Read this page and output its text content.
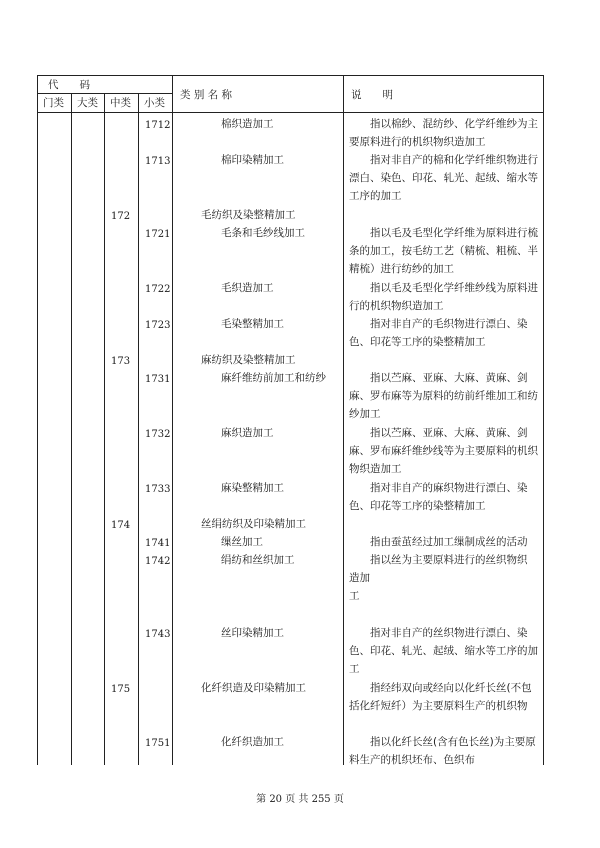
代　　码
门类 大类 中类 小类
类 别 名 称	说　　明
1712	棉织造加工	指以棉纱、混纺纱、化学纤维纱为主要原料进行的机织物织造加工
1713	棉印染精加工	指对非自产的棉和化学纤维织物进行漂白、染色、印花、轧光、起绒、缩水等工序的加工
172	毛纺织及染整精加工
1721	毛条和毛纱线加工	指以毛及毛型化学纤维为原料进行梳条的加工，按毛纺工艺（精梳、粗梳、半精梳）进行纺纱的加工
1722	毛织造加工	指以毛及毛型化学纤维纱线为原料进行的机织物织造加工
1723	毛染整精加工	指对非自产的毛织物进行漂白、染色、印花等工序的染整精加工
173	麻纺织及染整精加工
1731	麻纤维纺前加工和纺纱	指以苎麻、亚麻、大麻、黄麻、剑麻、罗布麻等为原料的纺前纤维加工和纺纱加工
1732	麻织造加工	指以苎麻、亚麻、大麻、黄麻、剑麻、罗布麻纤维纱线等为主要原料的机织物织造加工
1733	麻染整精加工	指对非自产的麻织物进行漂白、染色、印花等工序的染整精加工
174	丝绢纺织及印染精加工
1741	缫丝加工	指由蚕茧经过加工缫制成丝的活动
1742	绢纺和丝织加工	指以丝为主要原料进行的丝织物织
造加
工
1743	丝印染精加工	指对非自产的丝织物进行漂白、染色、印花、轧光、起绒、缩水等工序的加工
175	化纤织造及印染精加工	指经纬双向或经向以化纤长丝(不包括化纤短纤）为主要原料生产的机织物
1751	化纤织造加工	指以化纤长丝(含有色长丝)为主要原料生产的机织坯布、色织布
第 20 页 共 255 页
